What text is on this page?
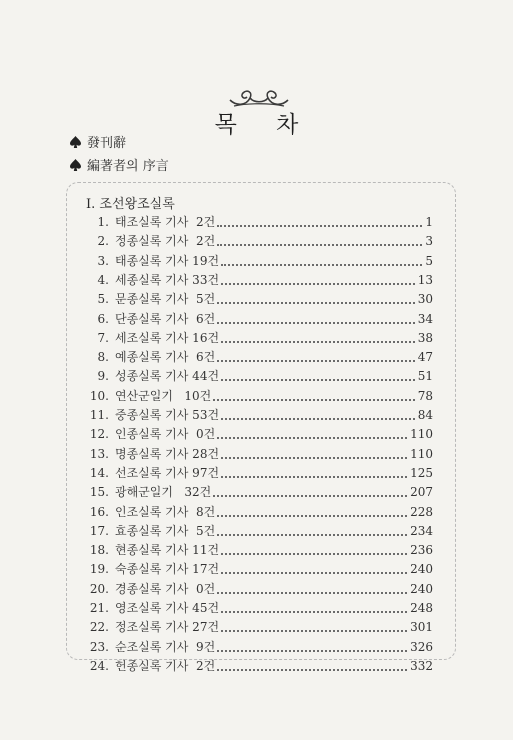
목 차
發刊辭
編著者의 序言
Ⅰ. 조선왕조실록
1. 태조실록 기사  2건	1
2. 정종실록 기사  2건	3
3. 태종실록 기사 19건	5
4. 세종실록 기사 33건	13
5. 문종실록 기사  5건	30
6. 단종실록 기사  6건	34
7. 세조실록 기사 16건	38
8. 예종실록 기사  6건	47
9. 성종실록 기사 44건	51
10. 연산군일기   10건	78
11. 중종실록 기사 53건	84
12. 인종실록 기사  0건	110
13. 명종실록 기사 28건	110
14. 선조실록 기사 97건	125
15. 광해군일기   32건	207
16. 인조실록 기사  8건	228
17. 효종실록 기사  5건	234
18. 현종실록 기사 11건	236
19. 숙종실록 기사 17건	240
20. 경종실록 기사  0건	240
21. 영조실록 기사 45건	248
22. 정조실록 기사 27건	301
23. 순조실록 기사  9건	326
24. 헌종실록 기사  2건	332
